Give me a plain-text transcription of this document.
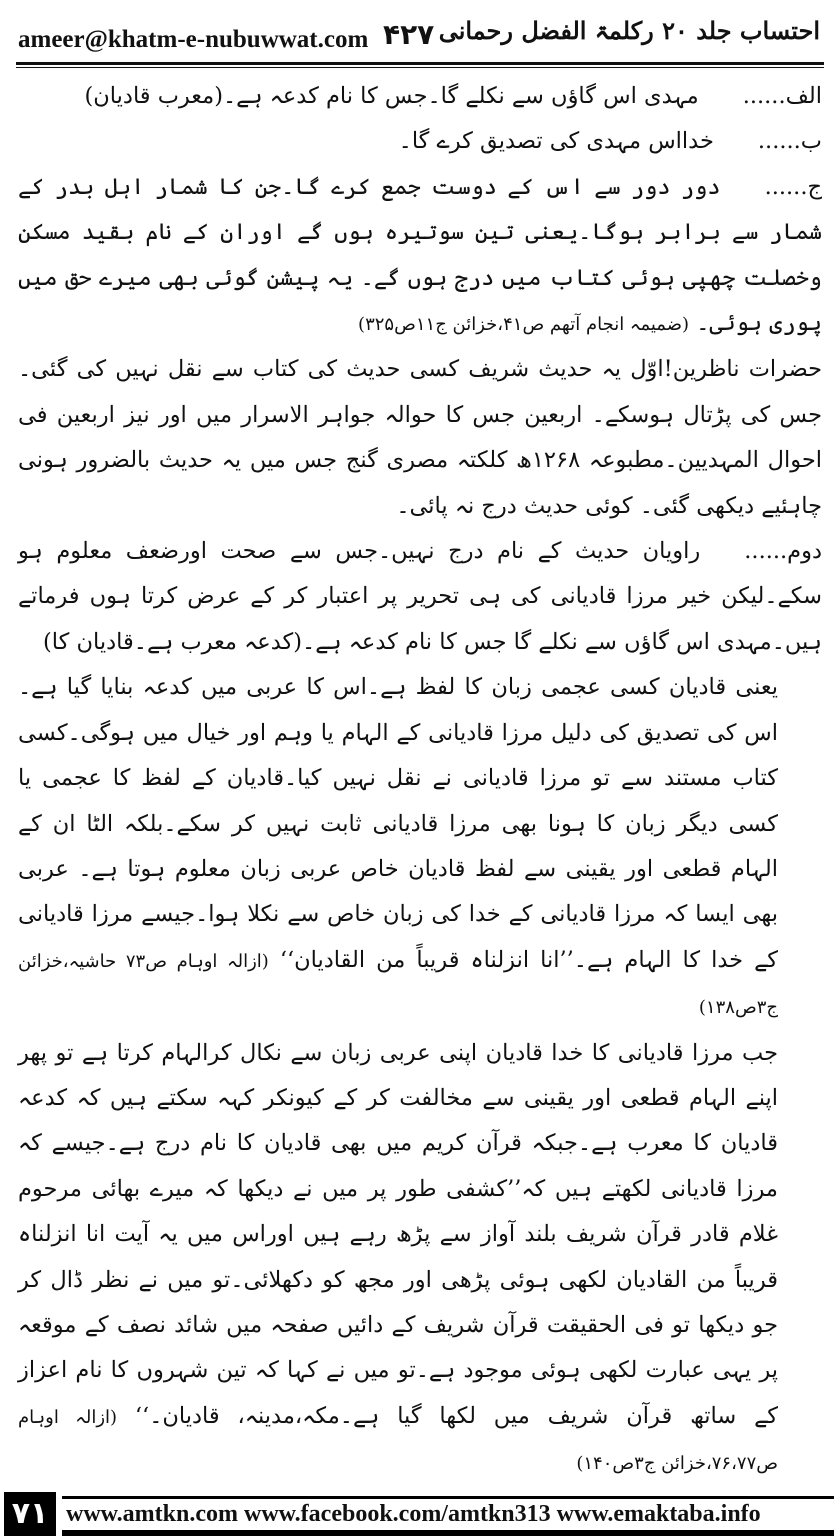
ameer@khatm-e-nubuwwat.com ۴۲۷ احتساب جلد ۲۰ رکلمۃ الفضل رحمانی

الف......مہدی اس گاؤں سے نکلے گا۔جس کا نام کدعہ ہے۔(معرب قادیان)

ب......خدااس مہدی کی تصدیق کرے گا۔

ج......دور دور سے اس کے دوست جمع کرے گا۔جن کا شمار اہل بدر کے شمار سے برابر ہوگا۔یعنی تین سوتیرہ ہوں گے اوران کے نام بقید مسکن وخصلت چھپی ہوئی کتاب میں درج ہوں گے۔ یہ پیشن گوئی بھی میرے حق میں پوری ہوئی۔ (ضمیمہ انجام آتھم ص۴۱،خزائن ج۱۱ص۳۲۵)

حضرات ناظرین!اوّل یہ حدیث شریف کسی حدیث کی کتاب سے نقل نہیں کی گئی۔ جس کی پڑتال ہوسکے۔ اربعین جس کا حوالہ جواہر الاسرار میں اور نیز اربعین فی احوال المہدیین۔مطبوعہ ۱۲۶۸ھ کلکتہ مصری گنج جس میں یہ حدیث بالضرور ہونی چاہئیے دیکھی گئی۔ کوئی حدیث درج نہ پائی۔

دوم......راویان حدیث کے نام درج نہیں۔جس سے صحت اورضعف معلوم ہو سکے۔لیکن خیر مرزا قادیانی کی ہی تحریر پر اعتبار کر کے عرض کرتا ہوں فرماتے ہیں۔مہدی اس گاؤں سے نکلے گا جس کا نام کدعہ ہے۔(کدعہ معرب ہے۔قادیان کا)

یعنی قادیان کسی عجمی زبان کا لفظ ہے۔اس کا عربی میں کدعہ بنایا گیا ہے۔اس کی تصدیق کی دلیل مرزا قادیانی کے الہام یا وہم اور خیال میں ہوگی۔کسی کتاب مستند سے تو مرزا قادیانی نے نقل نہیں کیا۔قادیان کے لفظ کا عجمی یا کسی دیگر زبان کا ہونا بھی مرزا قادیانی ثابت نہیں کر سکے۔بلکہ الٹا ان کے الہام قطعی اور یقینی سے لفظ قادیان خاص عربی زبان معلوم ہوتا ہے۔ عربی بھی ایسا کہ مرزا قادیانی کے خدا کی زبان خاص سے نکلا ہوا۔جیسے مرزا قادیانی کے خدا کا الہام ہے۔’’انا انزلناہ قریباً من القادیان‘‘ (ازالہ اوہام ص۷۳ حاشیہ،خزائن ج۳ص۱۳۸)

جب مرزا قادیانی کا خدا قادیان اپنی عربی زبان سے نکال کرالہام کرتا ہے تو پھر اپنے الہام قطعی اور یقینی سے مخالفت کر کے کیونکر کہہ سکتے ہیں کہ کدعہ قادیان کا معرب ہے۔جبکہ قرآن کریم میں بھی قادیان کا نام درج ہے۔جیسے کہ مرزا قادیانی لکھتے ہیں کہ’’کشفی طور پر میں نے دیکھا کہ میرے بھائی مرحوم غلام قادر قرآن شریف بلند آواز سے پڑھ رہے ہیں اوراس میں یہ آیت انا انزلناہ قریباً من القادیان لکھی ہوئی پڑھی اور مجھ کو دکھلائی۔تو میں نے نظر ڈال کر جو دیکھا تو فی الحقیقت قرآن شریف کے دائیں صفحہ میں شائد نصف کے موقعہ پر یہی عبارت لکھی ہوئی موجود ہے۔تو میں نے کہا کہ تین شہروں کا نام اعزاز کے ساتھ قرآن شریف میں لکھا گیا ہے۔مکہ،مدینہ، قادیان۔‘‘ (ازالہ اوہام ص۷۶،۷۷،خزائن ج۳ص۱۴۰)

۷۱ www.amtkn.com www.facebook.com/amtkn313 www.emaktaba.info
